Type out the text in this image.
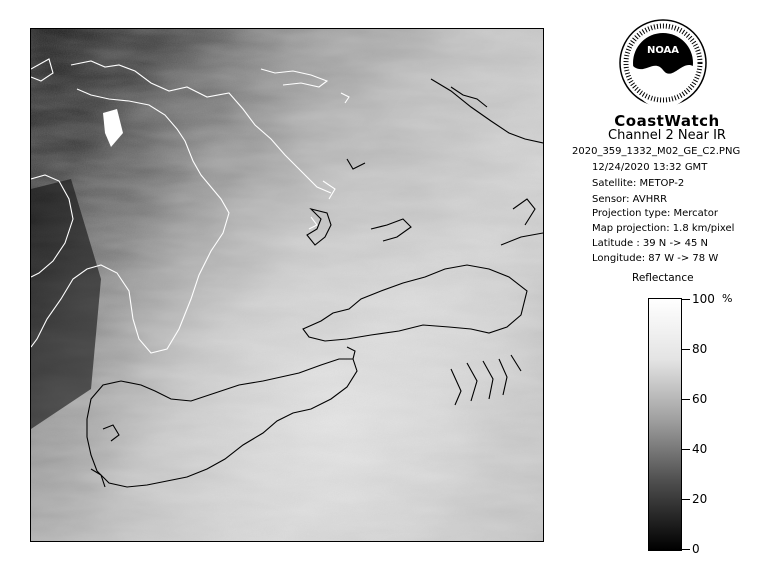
NOAA
CoastWatch
Channel 2 Near IR
2020_359_1332_M02_GE_C2.PNG
12/24/2020 13:32 GMT
Satellite: METOP-2
Sensor: AVHRR
Projection type: Mercator
Map projection: 1.8 km/pixel
Latitude : 39 N -> 45 N
Longitude: 87 W -> 78 W
Reflectance
%
100
80
60
40
20
0
